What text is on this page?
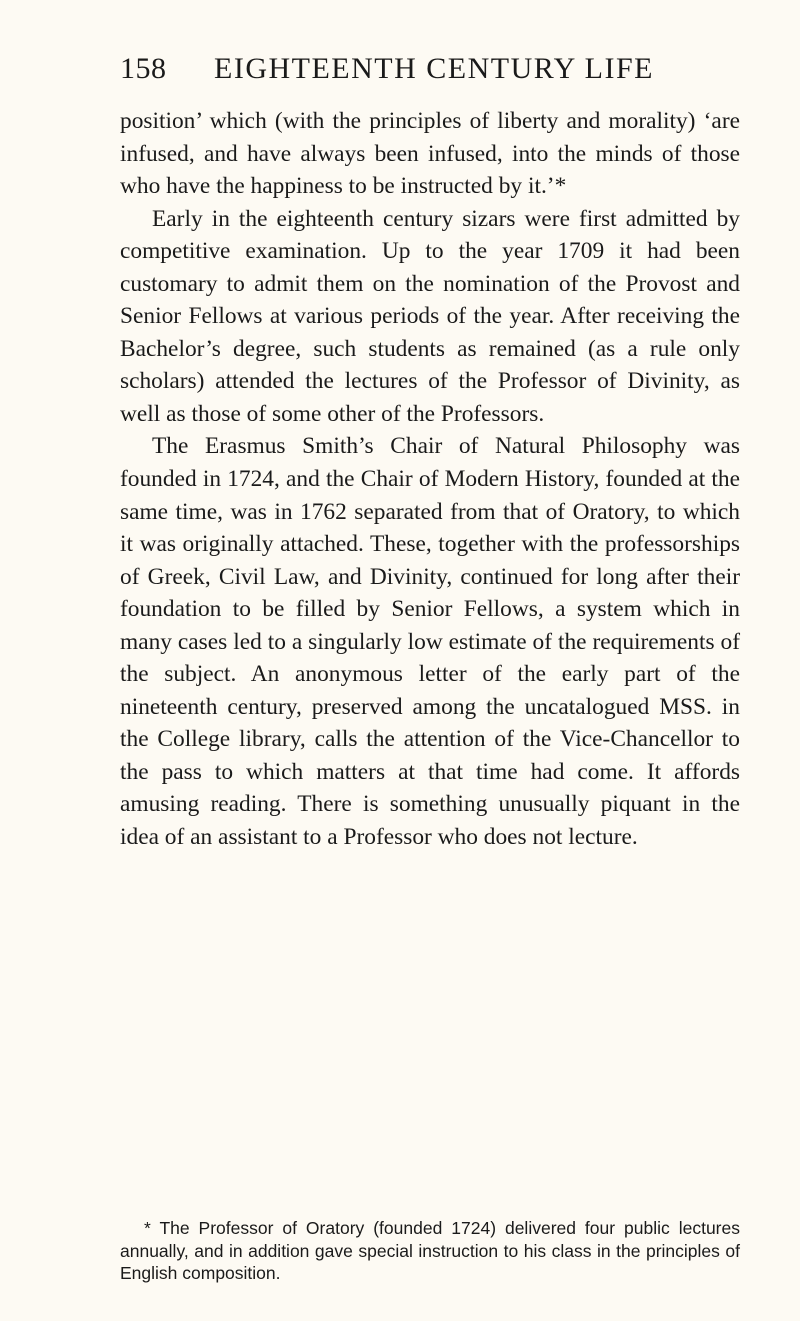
158 EIGHTEENTH CENTURY LIFE

position’ which (with the principles of liberty and morality) ‘are infused, and have always been infused, into the minds of those who have the happiness to be instructed by it.’*

Early in the eighteenth century sizars were first admitted by competitive examination. Up to the year 1709 it had been customary to admit them on the nomination of the Provost and Senior Fellows at various periods of the year. After receiving the Bachelor’s degree, such students as remained (as a rule only scholars) attended the lectures of the Professor of Divinity, as well as those of some other of the Professors.

The Erasmus Smith’s Chair of Natural Philosophy was founded in 1724, and the Chair of Modern History, founded at the same time, was in 1762 separated from that of Oratory, to which it was originally attached. These, together with the professorships of Greek, Civil Law, and Divinity, continued for long after their foundation to be filled by Senior Fellows, a system which in many cases led to a singularly low estimate of the requirements of the subject. An anonymous letter of the early part of the nineteenth century, preserved among the uncatalogued MSS. in the College library, calls the attention of the Vice-Chancellor to the pass to which matters at that time had come. It affords amusing reading. There is something unusually piquant in the idea of an assistant to a Professor who does not lecture.

* The Professor of Oratory (founded 1724) delivered four public lectures annually, and in addition gave special instruction to his class in the principles of English composition.
